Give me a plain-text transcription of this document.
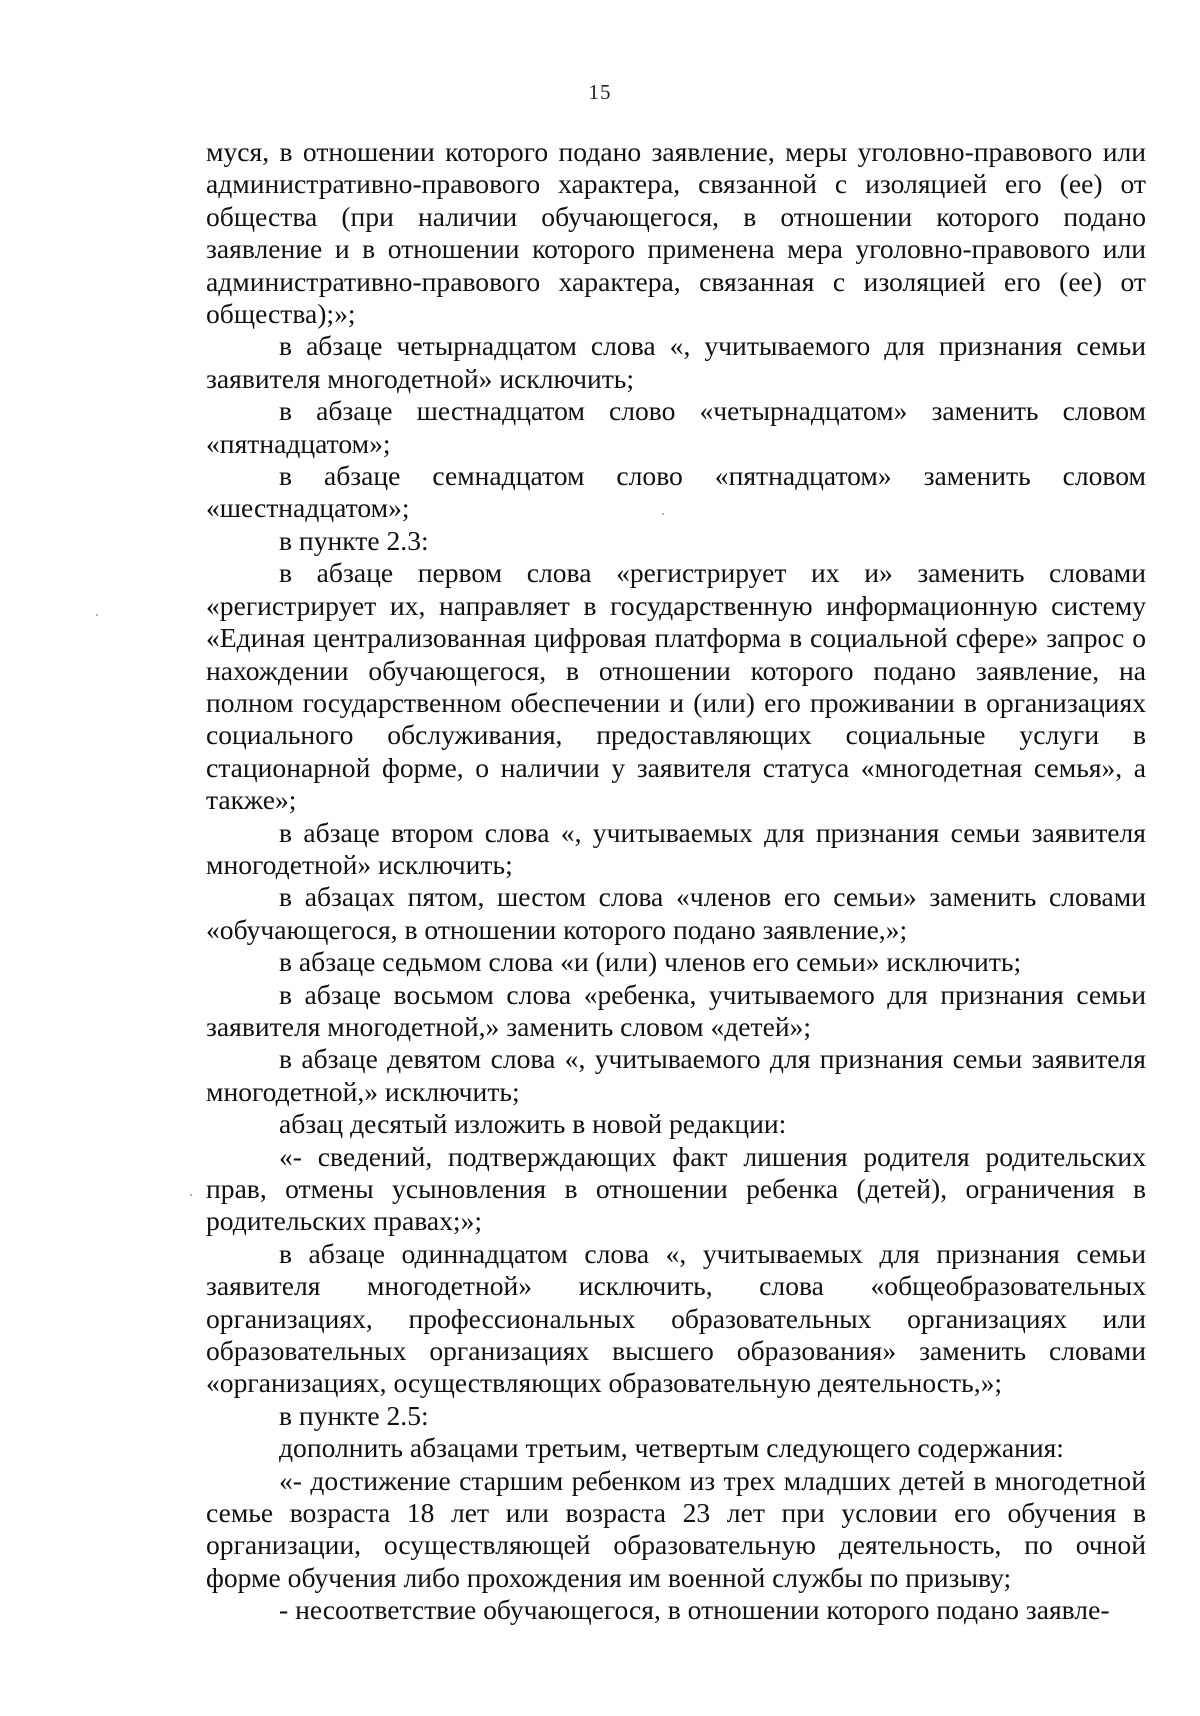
15

муся, в отношении которого подано заявление, меры уголовно-правового или административно-правового характера, связанной с изоляцией его (ее) от общества (при наличии обучающегося, в отношении которого подано заявление и в отношении которого применена мера уголовно-правового или административно-правового характера, связанная с изоляцией его (ее) от общества);»;

в абзаце четырнадцатом слова «, учитываемого для признания семьи заявителя многодетной» исключить;

в абзаце шестнадцатом слово «четырнадцатом» заменить словом «пятнадцатом»;

в абзаце семнадцатом слово «пятнадцатом» заменить словом «шестнадцатом»;

в пункте 2.3:

в абзаце первом слова «регистрирует их и» заменить словами «регистрирует их, направляет в государственную информационную систему «Единая централизованная цифровая платформа в социальной сфере» запрос о нахождении обучающегося, в отношении которого подано заявление, на полном государственном обеспечении и (или) его проживании в организациях социального обслуживания, предоставляющих социальные услуги в стационарной форме, о наличии у заявителя статуса «многодетная семья», а также»;

в абзаце втором слова «, учитываемых для признания семьи заявителя многодетной» исключить;

в абзацах пятом, шестом слова «членов его семьи» заменить словами «обучающегося, в отношении которого подано заявление,»;

в абзаце седьмом слова «и (или) членов его семьи» исключить;

в абзаце восьмом слова «ребенка, учитываемого для признания семьи заявителя многодетной,» заменить словом «детей»;

в абзаце девятом слова «, учитываемого для признания семьи заявителя многодетной,» исключить;

абзац десятый изложить в новой редакции:

«- сведений, подтверждающих факт лишения родителя родительских прав, отмены усыновления в отношении ребенка (детей), ограничения в родительских правах;»;

в абзаце одиннадцатом слова «, учитываемых для признания семьи заявителя многодетной» исключить, слова «общеобразовательных организациях, профессиональных образовательных организациях или образовательных организациях высшего образования» заменить словами «организациях, осуществляющих образовательную деятельность,»;

в пункте 2.5:

дополнить абзацами третьим, четвертым следующего содержания:

«- достижение старшим ребенком из трех младших детей в многодетной семье возраста 18 лет или возраста 23 лет при условии его обучения в организации, осуществляющей образовательную деятельность, по очной форме обучения либо прохождения им военной службы по призыву;

- несоответствие обучающегося, в отношении которого подано заявле-
